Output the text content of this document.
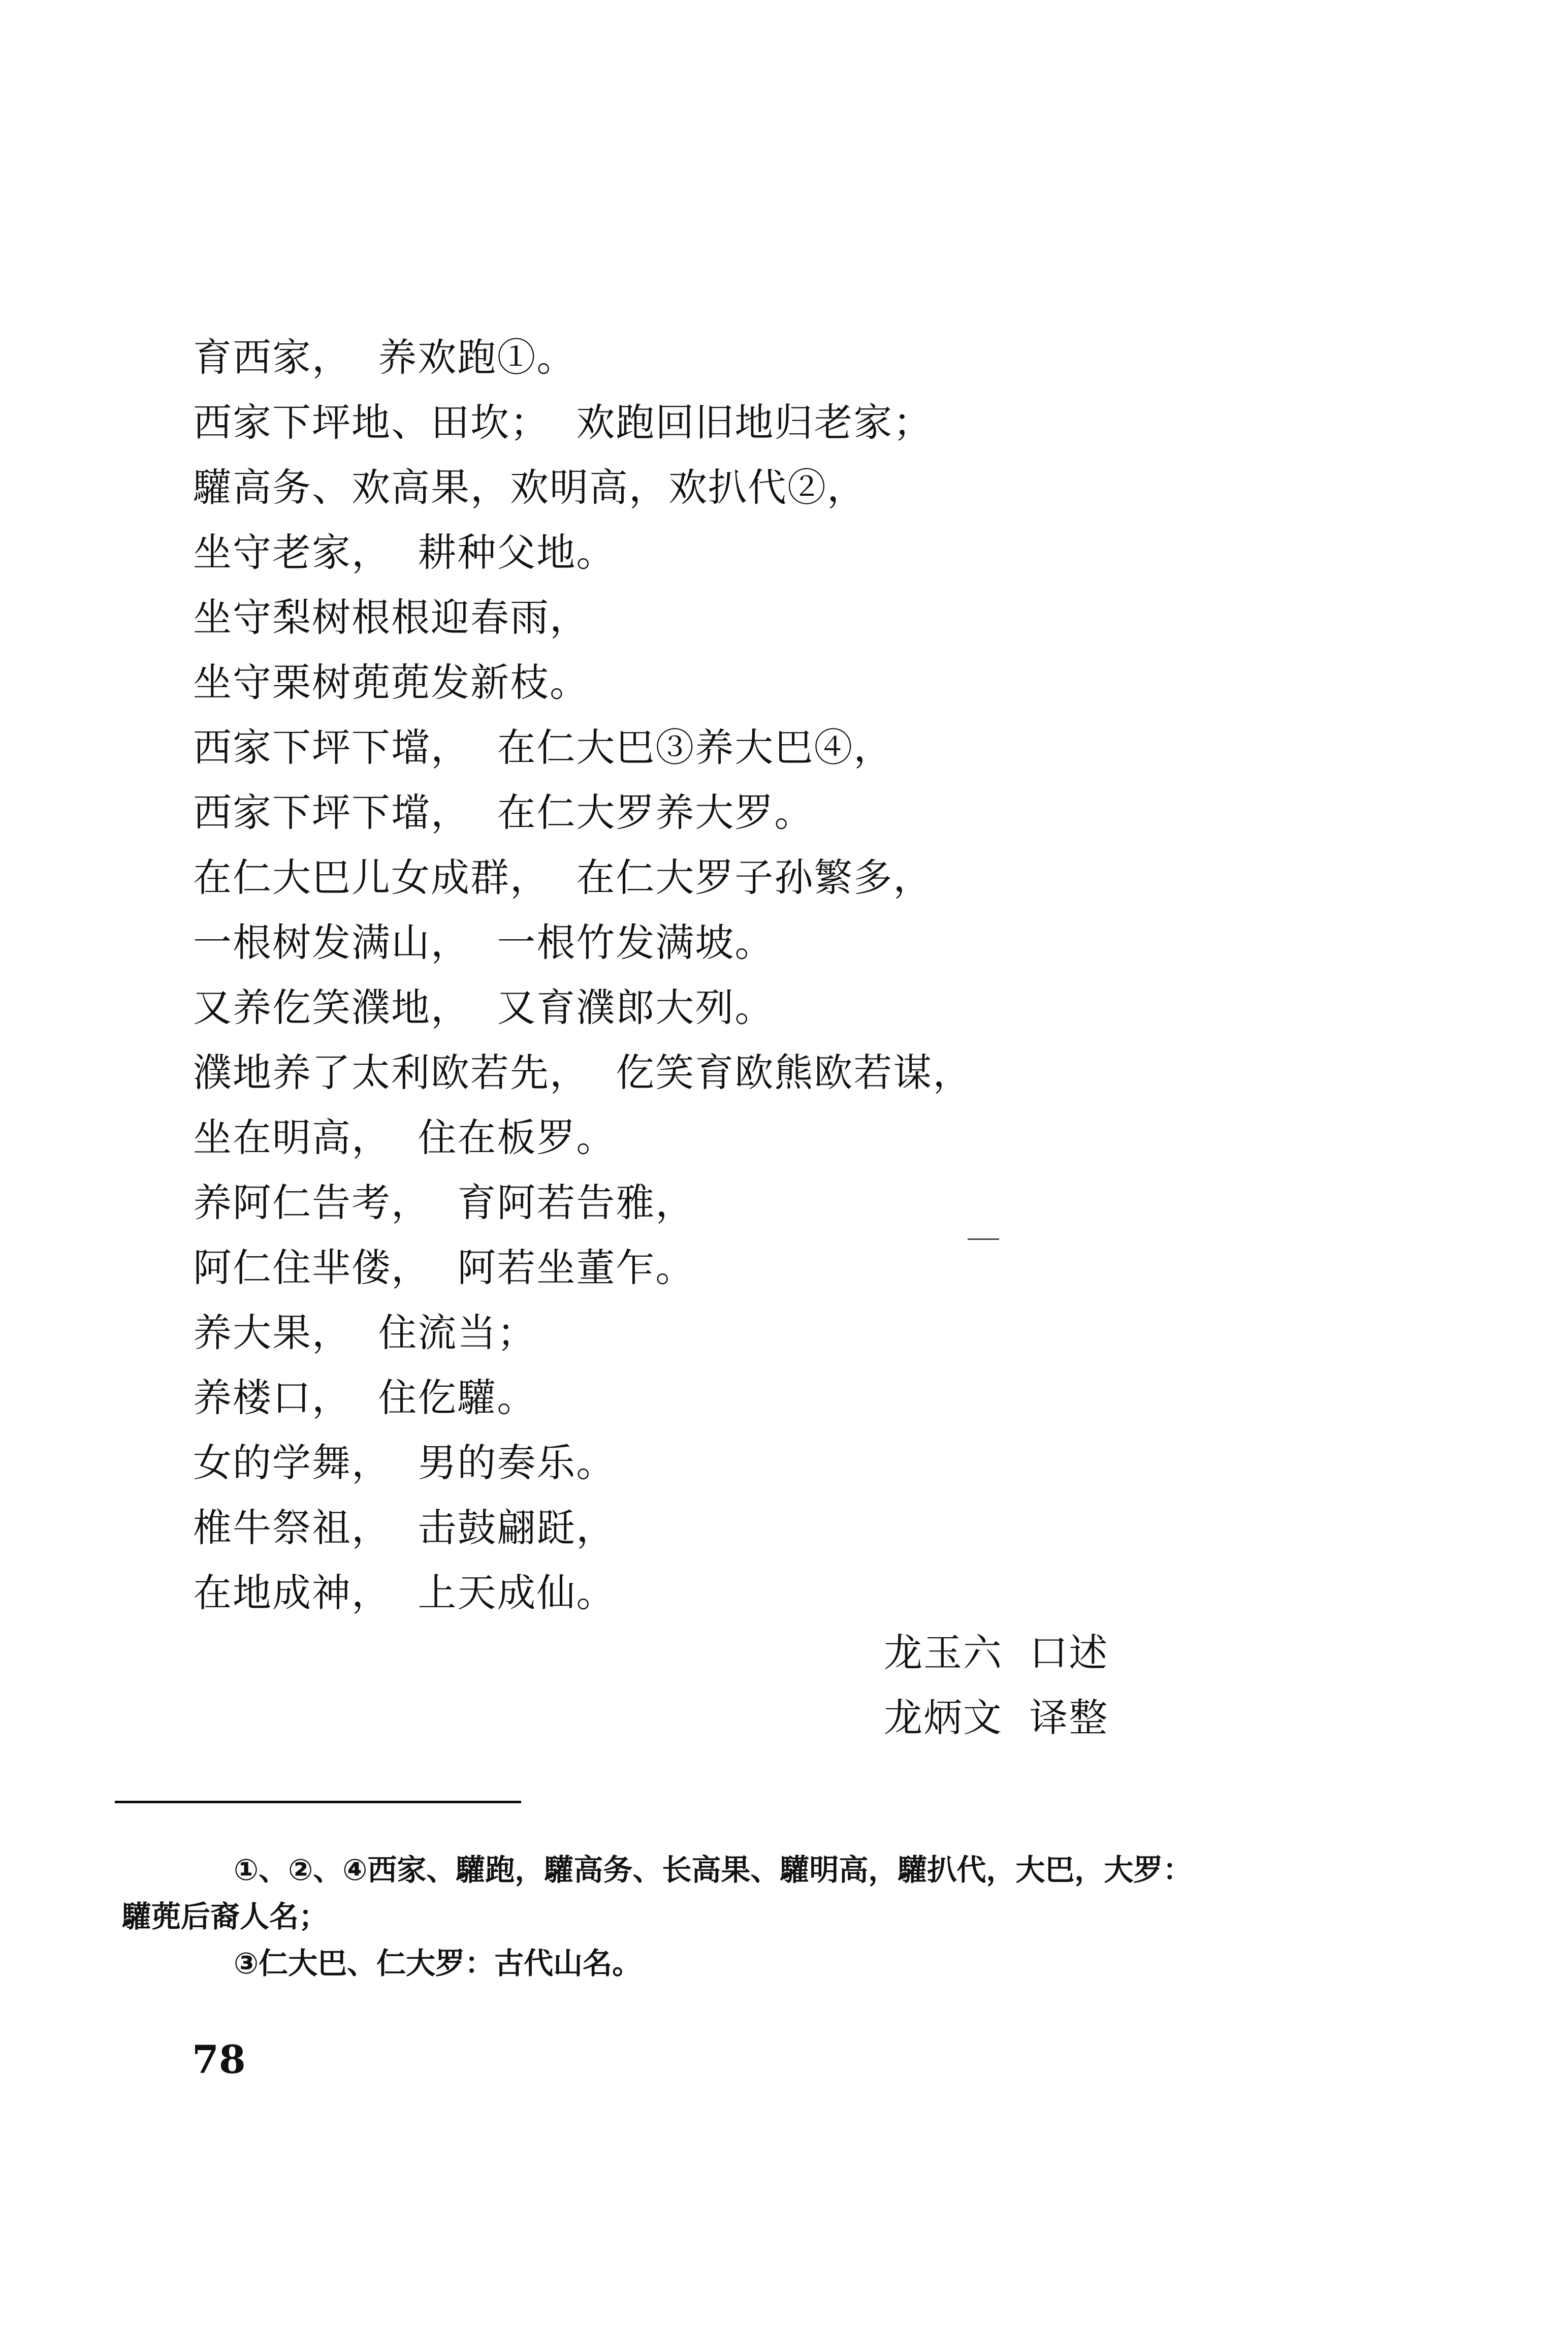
育西家，  养欢跑①。
西家下坪地、田坎；  欢跑回旧地归老家；
驩高务、欢高果，欢明高，欢扒代②，
坐守老家，  耕种父地。
坐守梨树根根迎春雨，
坐守栗树蔸蔸发新枝。
西家下坪下壋，  在仁大巴③养大巴④，
西家下坪下壋，  在仁大罗养大罗。
在仁大巴儿女成群，  在仁大罗子孙繁多，
一根树发满山，  一根竹发满坡。
又养仡笑濮地，  又育濮郎大列。
濮地养了太利欧若先，  仡笑育欧熊欧若谋，
坐在明高，  住在板罗。
养阿仁告考，  育阿若告雅，
阿仁住芈偻，  阿若坐董乍。
养大果，  住流当；
养楼口，  住仡驩。
女的学舞，  男的奏乐。
椎牛祭祖，  击鼓翩跹，
在地成神，  上天成仙。
龙玉六  口述
龙炳文  译整
①、②、④西家、驩跑，驩高务、长高果、驩明高，驩扒代，大巴，大罗：
驩蔸后裔人名；
③仁大巴、仁大罗：古代山名。
78
